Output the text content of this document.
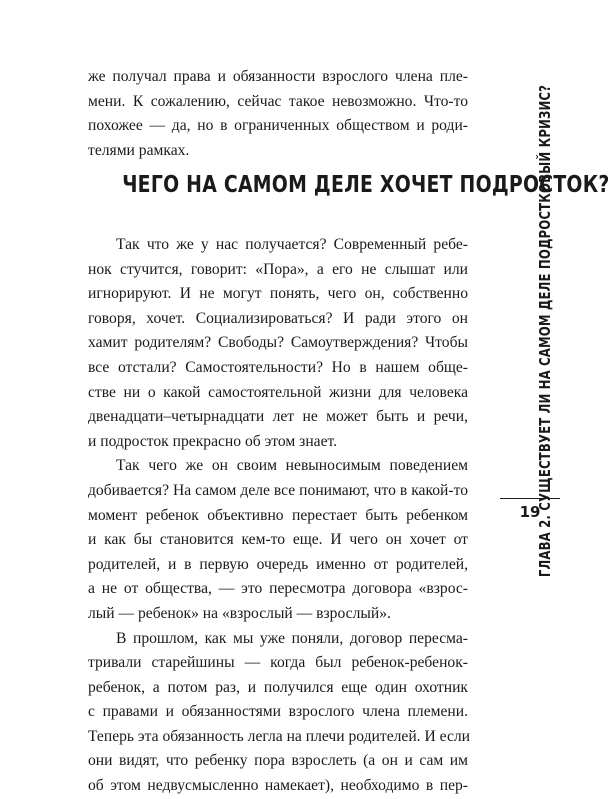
же получал права и обязанности взрослого члена пле-
мени. К сожалению, сейчас такое невозможно. Что-то
похожее — да, но в ограниченных обществом и роди-
телями рамках.
ЧЕГО НА САМОМ ДЕЛЕ ХОЧЕТ ПОДРОСТОК?
Так что же у нас получается? Современный ребе-
нок стучится, говорит: «Пора», а его не слышат или
игнорируют. И не могут понять, чего он, собственно
говоря, хочет. Социализироваться? И ради этого он
хамит родителям? Свободы? Самоутверждения? Чтобы
все отстали? Самостоятельности? Но в нашем обще-
стве ни о какой самостоятельной жизни для человека
двенадцати–четырнадцати лет не может быть и речи,
и подросток прекрасно об этом знает.
Так чего же он своим невыносимым поведением
добивается? На самом деле все понимают, что в какой-то
момент ребенок объективно перестает быть ребенком
и как бы становится кем-то еще. И чего он хочет от
родителей, и в первую очередь именно от родителей,
а не от общества, — это пересмотра договора «взрос-
лый — ребенок» на «взрослый — взрослый».
В прошлом, как мы уже поняли, договор пересма-
тривали старейшины — когда был ребенок-ребенок-
ребенок, а потом раз, и получился еще один охотник
с правами и обязанностями взрослого члена племени.
Теперь эта обязанность легла на плечи родителей. И если
они видят, что ребенку пора взрослеть (а он и сам им
об этом недвусмысленно намекает), необходимо в пер-
ГЛАВА 2. СУЩЕСТВУЕТ ЛИ НА САМОМ ДЕЛЕ ПОДРОСТКОВЫЙ КРИЗИС?
19
